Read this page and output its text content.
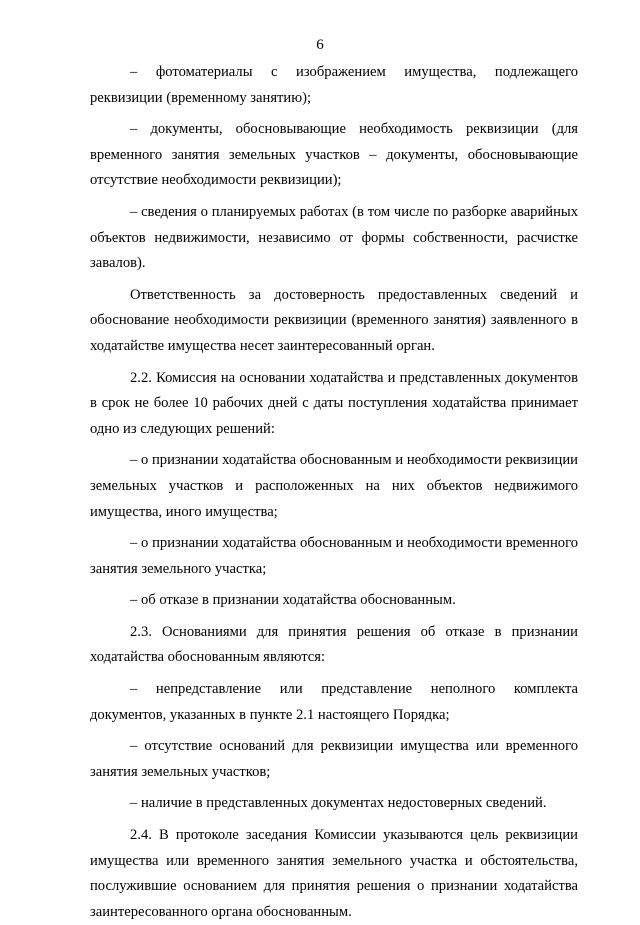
6

– фотоматериалы с изображением имущества, подлежащего реквизиции (временному занятию);

– документы, обосновывающие необходимость реквизиции (для временного занятия земельных участков – документы, обосновывающие отсутствие необходимости реквизиции);

– сведения о планируемых работах (в том числе по разборке аварийных объектов недвижимости, независимо от формы собственности, расчистке завалов).

Ответственность за достоверность предоставленных сведений и обоснование необходимости реквизиции (временного занятия) заявленного в ходатайстве имущества несет заинтересованный орган.

2.2. Комиссия на основании ходатайства и представленных документов в срок не более 10 рабочих дней с даты поступления ходатайства принимает одно из следующих решений:

– о признании ходатайства обоснованным и необходимости реквизиции земельных участков и расположенных на них объектов недвижимого имущества, иного имущества;

– о признании ходатайства обоснованным и необходимости временного занятия земельного участка;

– об отказе в признании ходатайства обоснованным.

2.3. Основаниями для принятия решения об отказе в признании ходатайства обоснованным являются:

– непредставление или представление неполного комплекта документов, указанных в пункте 2.1 настоящего Порядка;

– отсутствие оснований для реквизиции имущества или временного занятия земельных участков;

– наличие в представленных документах недостоверных сведений.

2.4. В протоколе заседания Комиссии указываются цель реквизиции имущества или временного занятия земельного участка и обстоятельства, послужившие основанием для принятия решения о признании ходатайства заинтересованного органа обоснованным.
